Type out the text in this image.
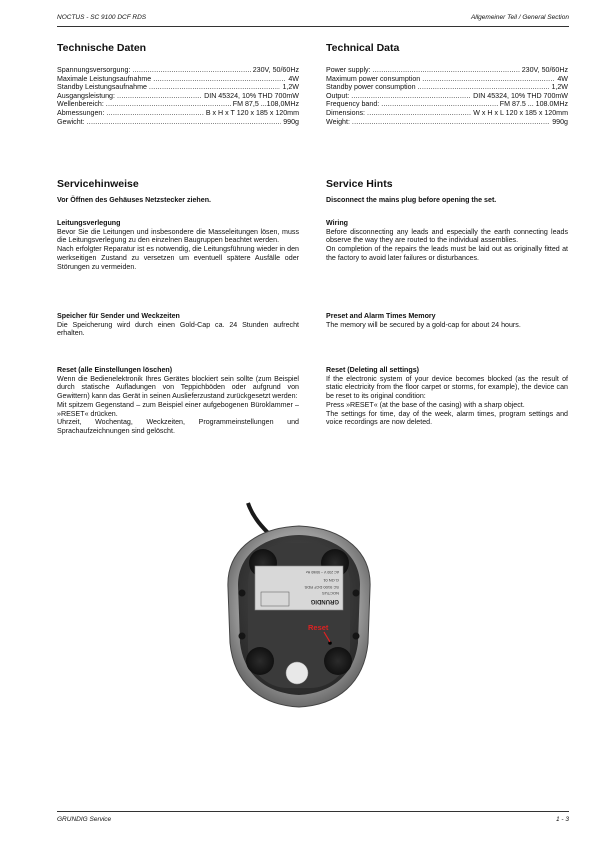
NOCTUS - SC 9100 DCF RDS	Allgemeiner Teil / General Section
Technische Daten
Spannungsversorgung: .....	230V, 50/60Hz
Maximale Leistungsaufnahme .....	4W
Standby Leistungsaufnahme .....	1,2W
Ausgangsleistung: .....	DIN 45324, 10% THD 700mW
Wellenbereich: .....	FM 87,5 ...108,0MHz
Abmessungen: .....	B x H x T 120 x 185 x 120mm
Gewicht: .....	990g
Servicehinweise
Vor Öffnen des Gehäuses Netzstecker ziehen.

Leitungsverlegung

Bevor Sie die Leitungen und insbesondere die Masseleitungen lösen, muss die Leitungsverlegung zu den einzelnen Baugruppen beachtet werden.

Nach erfolgter Reparatur ist es notwendig, die Leitungsführung wieder in den werkseitigen Zustand zu versetzen um eventuell spätere Ausfälle oder Störungen zu vermeiden.

Speicher für Sender und Weckzeiten

Die Speicherung wird durch einen Gold-Cap ca. 24 Stunden aufrecht erhalten.

Reset (alle Einstellungen löschen)

Wenn die Bedienelektronik Ihres Gerätes blockiert sein sollte (zum Beispiel durch statische Aufladungen von Teppichböden oder aufgrund von Gewittern) kann das Gerät in seinen Auslieferzustand zurückgesetzt werden:

Mit spitzem Gegenstand – zum Beispiel einer aufgebogenen Büroklammer – »RESET« drücken.

Uhrzeit, Wochentag, Weckzeiten, Programmeinstellungen und Sprachaufzeichnungen sind gelöscht.

Technical Data
Power supply: .....	230V, 50/60Hz
Maximum power consumption .....	4W
Standby power consumption .....	1,2W
Output: .....	DIN 45324, 10% THD 700mW
Frequency band: .....	FM 87.5 ... 108.0MHz
Dimensions: .....	W x H x L 120 x 185 x 120mm
Weight: .....	990g
Service Hints
Disconnect the mains plug before opening the set.

Wiring

Before disconnecting any leads and especially the earth connecting leads observe the way they are routed to the individual assemblies.

On completion of the repairs the leads must be laid out as originally fitted at the factory to avoid later failures or disturbances.

Preset and Alarm Times Memory

The memory will be secured by a gold-cap for about 24 hours.

Reset (Deleting all settings)

If the electronic system of your device becomes blocked (as the result of static electricity from the floor carpet or storms, for example), the device can be reset to its original condition:

Press »RESET« (at the base of the casing) with a sharp object.

The settings for time, day of the week, alarm times, program settings and voice recordings are now deleted.

GRUNDIG
NOCTUS
SC 9100 DCF RDS
G.GN 01
AC 230 V ~ 50/60 Hz
Reset
GRUNDIG Service	1 - 3
